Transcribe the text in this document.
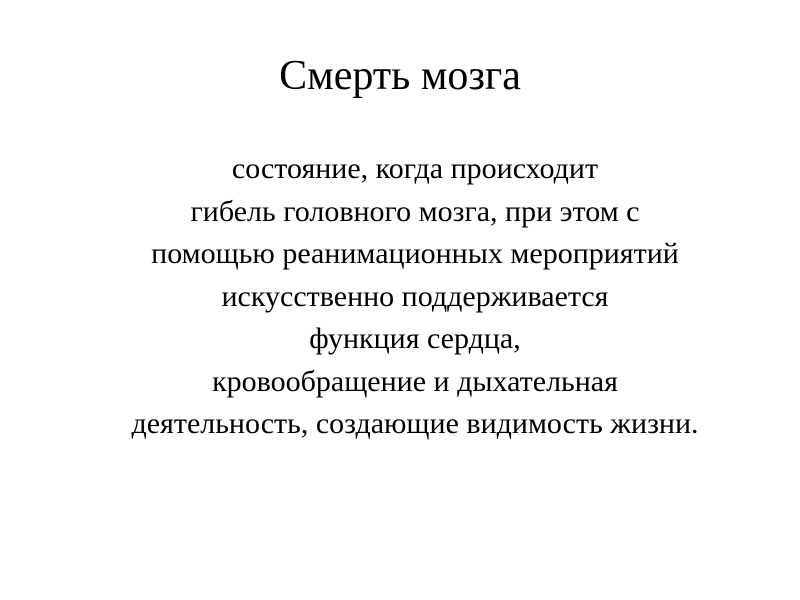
Смерть мозга
состояние, когда происходит
гибель головного мозга, при этом с
помощью реанимационных мероприятий
искусственно поддерживается
функция сердца,
кровообращение и дыхательная
деятельность, создающие видимость жизни.
